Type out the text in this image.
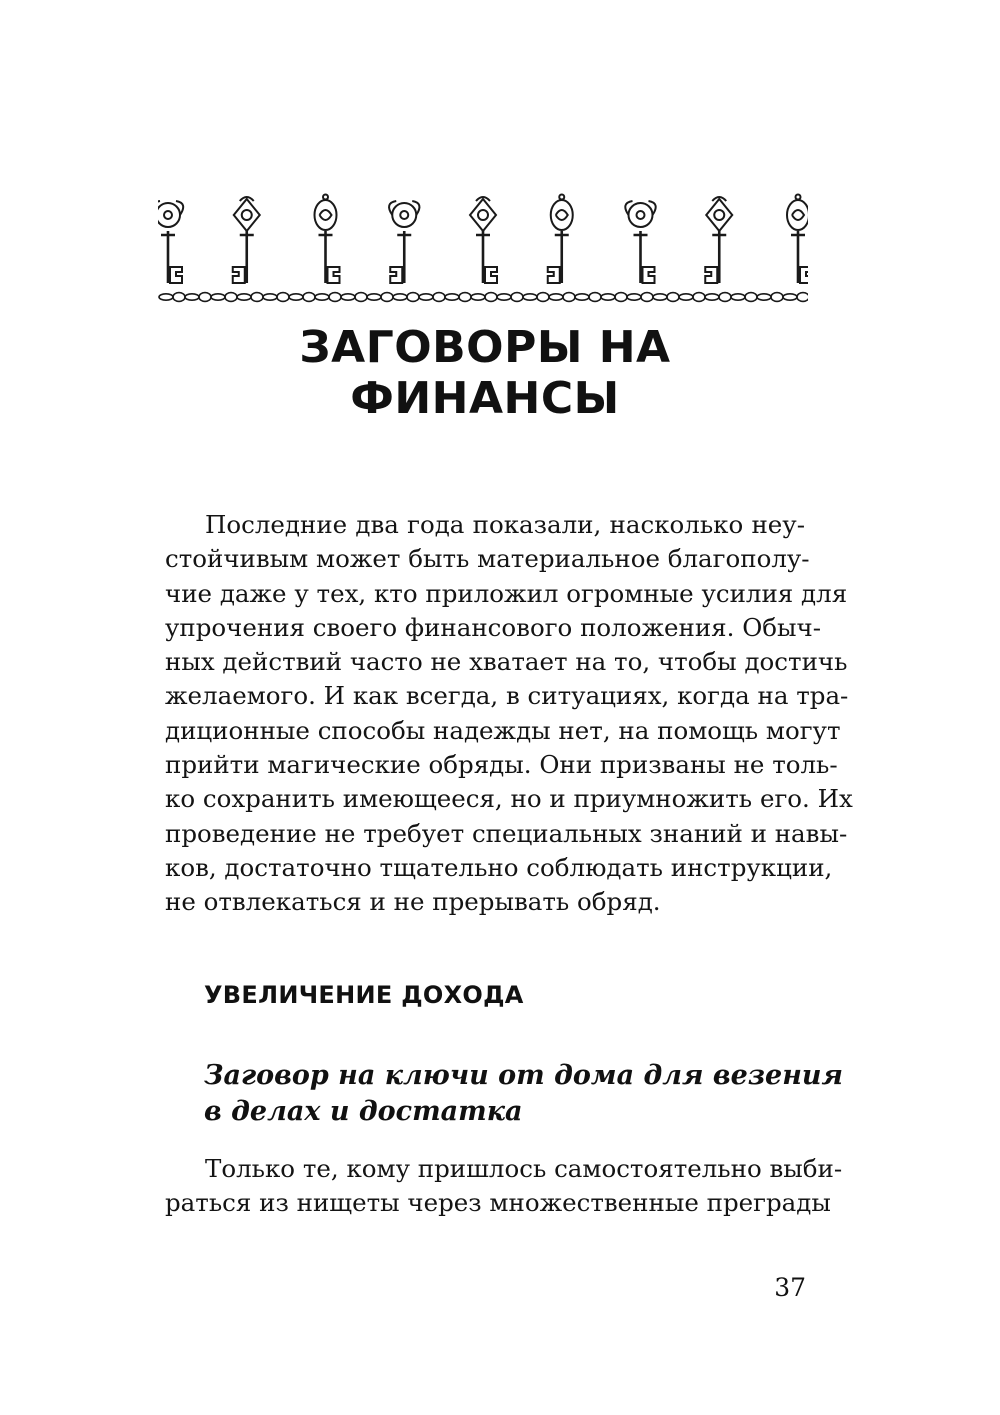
ЗАГОВОРЫ НА ФИНАНСЫ
Последние два года показали, насколько неу-
стойчивым может быть материальное благополу-
чие даже у тех, кто приложил огромные усилия для
упрочения своего финансового положения. Обыч-
ных действий часто не хватает на то, чтобы достичь
желаемого. И как всегда, в ситуациях, когда на тра-
диционные способы надежды нет, на помощь могут
прийти магические обряды. Они призваны не толь-
ко сохранить имеющееся, но и приумножить его. Их
проведение не требует специальных знаний и навы-
ков, достаточно тщательно соблюдать инструкции,
не отвлекаться и не прерывать обряд.
УВЕЛИЧЕНИЕ ДОХОДА
Заговор на ключи от дома для везения
в делах и достатка
Только те, кому пришлось самостоятельно выби-
раться из нищеты через множественные преграды
37
